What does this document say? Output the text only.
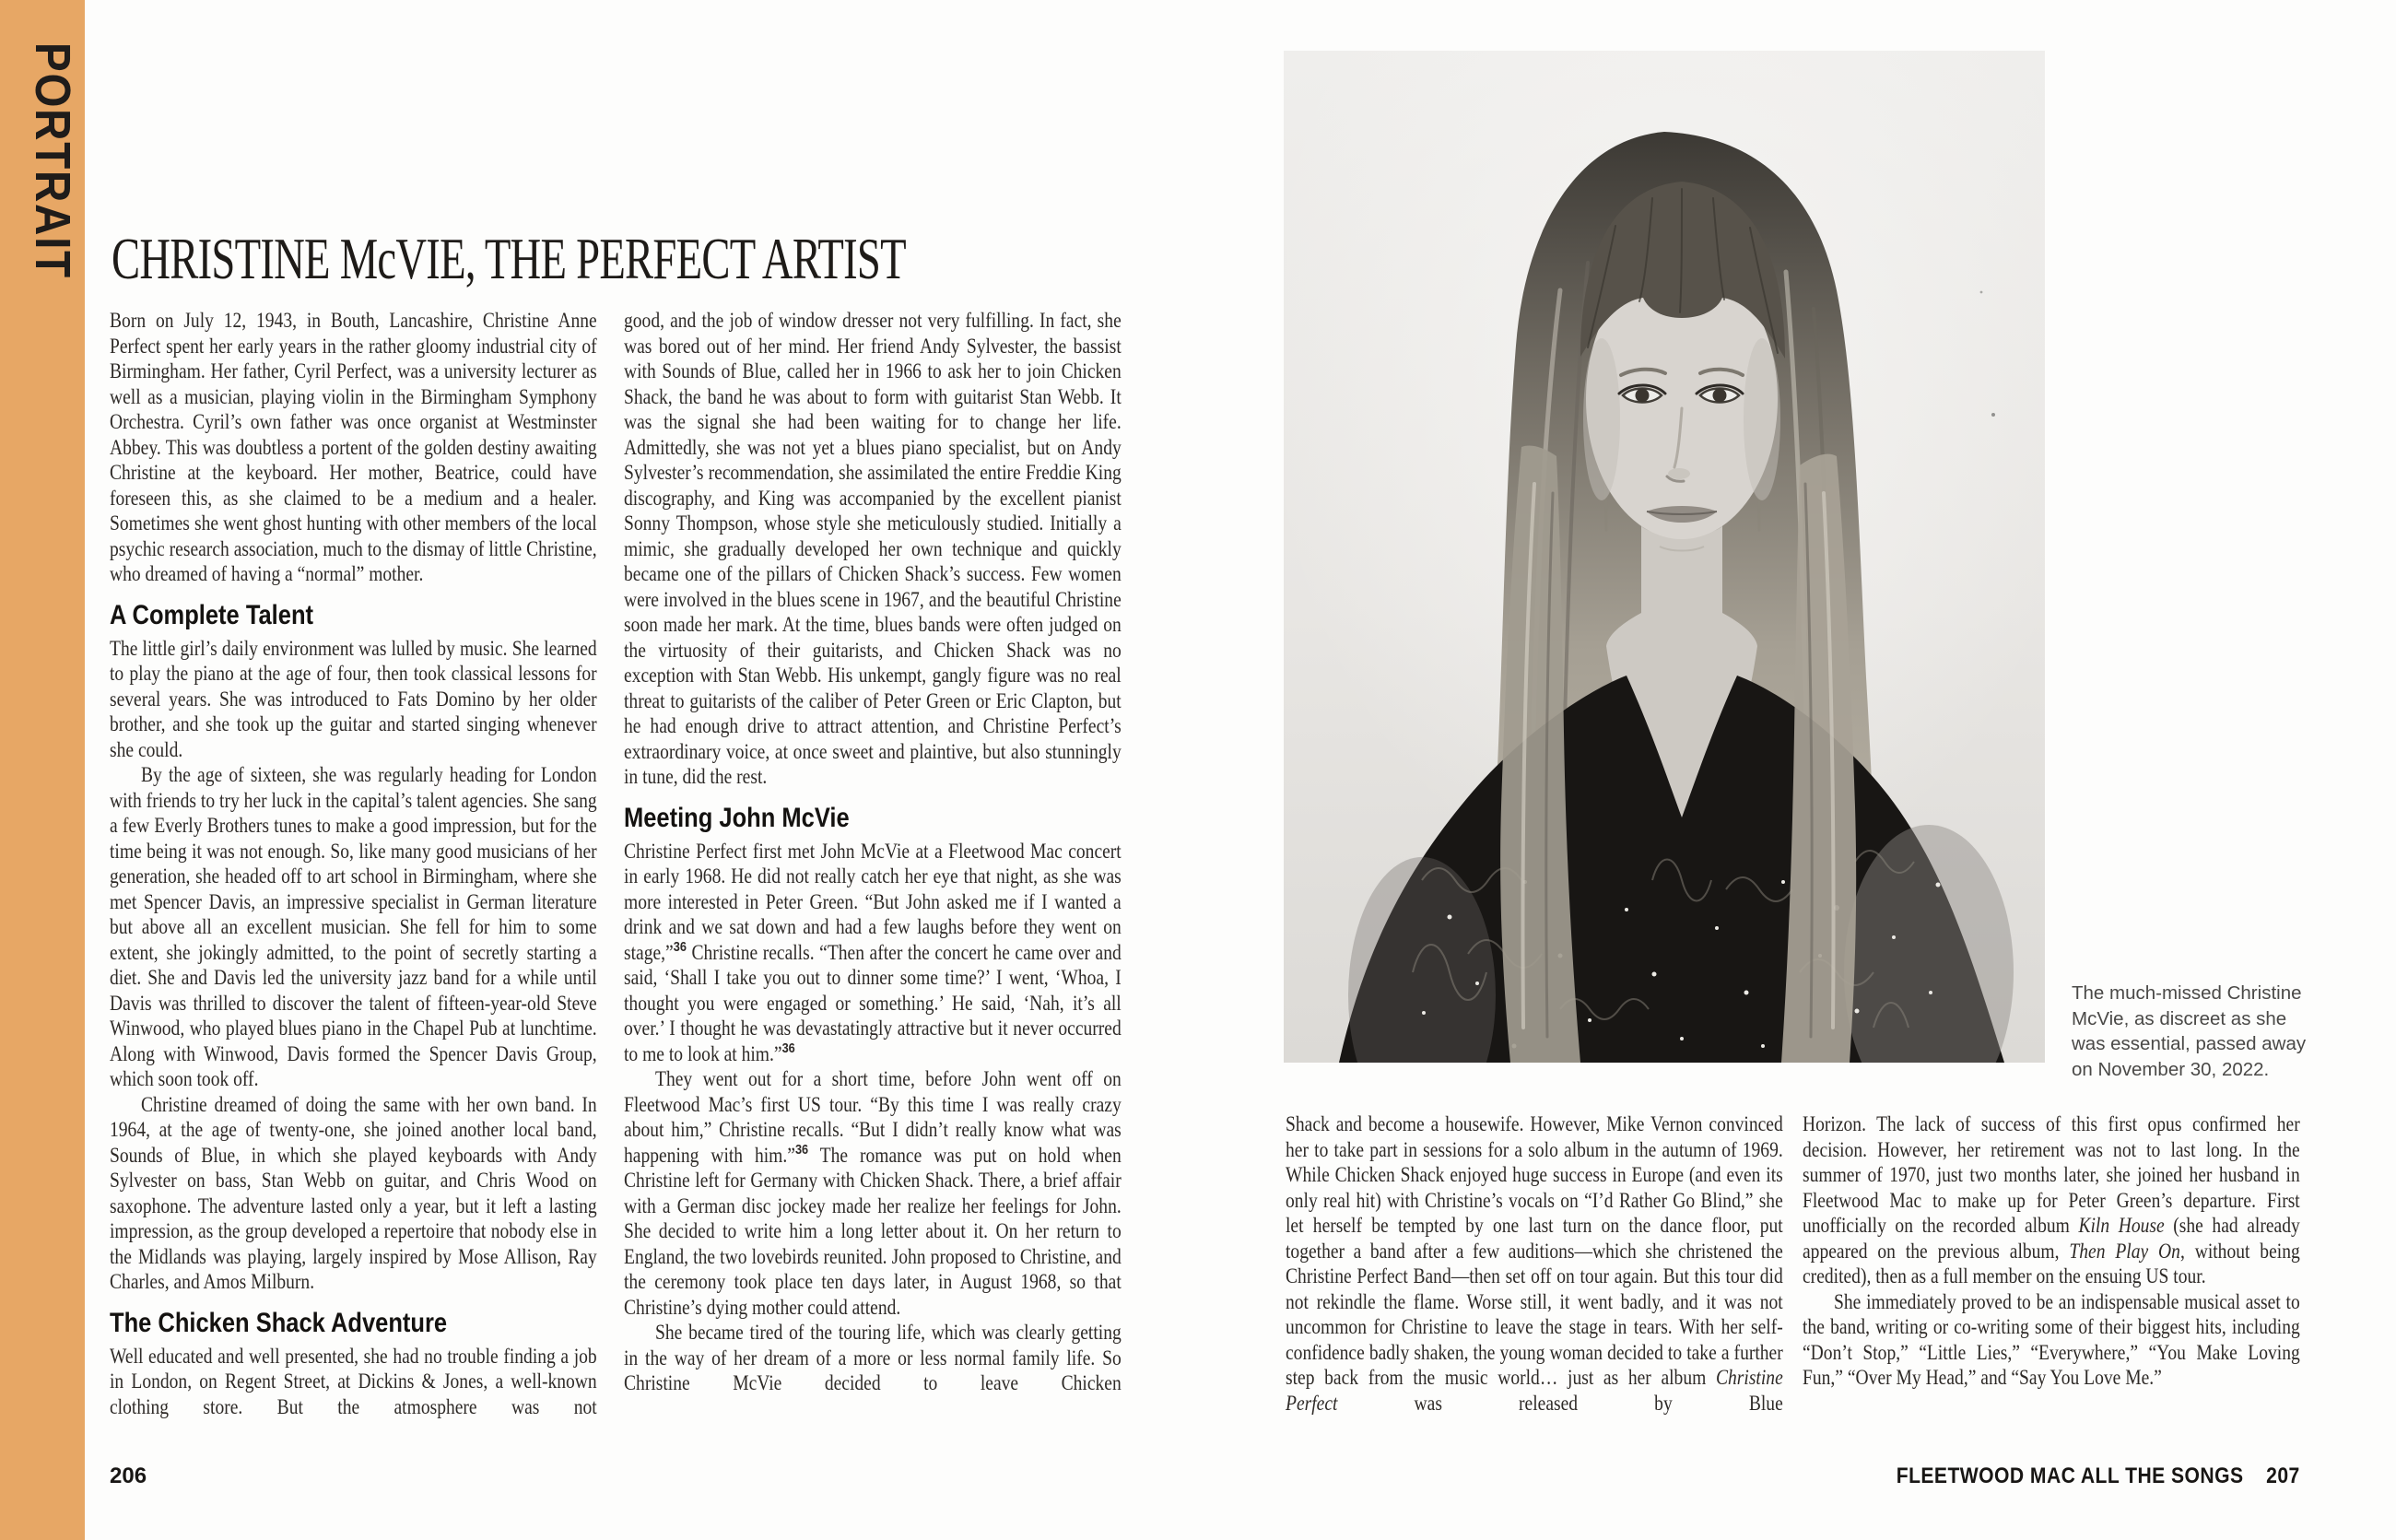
PORTRAIT CHRISTINE McVIE, THE PERFECT ARTIST

Born on July 12, 1943, in Bouth, Lancashire, Christine Anne Perfect spent her early years in the rather gloomy industrial city of Birmingham. Her father, Cyril Perfect, was a university lecturer as well as a musician, playing violin in the Birmingham Symphony Orchestra. Cyril’s own father was once organist at Westminster Abbey. This was doubtless a portent of the golden destiny awaiting Christine at the keyboard. Her mother, Beatrice, could have foreseen this, as she claimed to be a medium and a healer. Sometimes she went ghost hunting with other members of the local psychic research association, much to the dismay of little Christine, who dreamed of having a “normal” mother.

A Complete Talent

The little girl’s daily environment was lulled by music. She learned to play the piano at the age of four, then took classical lessons for several years. She was introduced to Fats Domino by her older brother, and she took up the guitar and started singing whenever she could.

By the age of sixteen, she was regularly heading for London with friends to try her luck in the capital’s talent agencies. She sang a few Everly Brothers tunes to make a good impression, but for the time being it was not enough. So, like many good musicians of her generation, she headed off to art school in Birmingham, where she met Spencer Davis, an impressive specialist in German literature but above all an excellent musician. She fell for him to some extent, she jokingly admitted, to the point of secretly starting a diet. She and Davis led the university jazz band for a while until Davis was thrilled to discover the talent of fifteen-year-old Steve Winwood, who played blues piano in the Chapel Pub at lunchtime. Along with Winwood, Davis formed the Spencer Davis Group, which soon took off.

Christine dreamed of doing the same with her own band. In 1964, at the age of twenty-one, she joined another local band, Sounds of Blue, in which she played keyboards with Andy Sylvester on bass, Stan Webb on guitar, and Chris Wood on saxophone. The adventure lasted only a year, but it left a lasting impression, as the group developed a repertoire that nobody else in the Midlands was playing, largely inspired by Mose Allison, Ray Charles, and Amos Milburn.

The Chicken Shack Adventure

Well educated and well presented, she had no trouble finding a job in London, on Regent Street, at Dickins & Jones, a well-known clothing store. But the atmosphere was not

good, and the job of window dresser not very fulfilling. In fact, she was bored out of her mind. Her friend Andy Sylvester, the bassist with Sounds of Blue, called her in 1966 to ask her to join Chicken Shack, the band he was about to form with guitarist Stan Webb. It was the signal she had been waiting for to change her life. Admittedly, she was not yet a blues piano specialist, but on Andy Sylvester’s recommendation, she assimilated the entire Freddie King discography, and King was accompanied by the excellent pianist Sonny Thompson, whose style she meticulously studied. Initially a mimic, she gradually developed her own technique and quickly became one of the pillars of Chicken Shack’s success. Few women were involved in the blues scene in 1967, and the beautiful Christine soon made her mark. At the time, blues bands were often judged on the virtuosity of their guitarists, and Chicken Shack was no exception with Stan Webb. His unkempt, gangly figure was no real threat to guitarists of the caliber of Peter Green or Eric Clapton, but he had enough drive to attract attention, and Christine Perfect’s extraordinary voice, at once sweet and plaintive, but also stunningly in tune, did the rest.

Meeting John McVie

Christine Perfect first met John McVie at a Fleetwood Mac concert in early 1968. He did not really catch her eye that night, as she was more interested in Peter Green. “But John asked me if I wanted a drink and we sat down and had a few laughs before they went on stage,”$^{36}$ Christine recalls. “Then after the concert he came over and said, ‘Shall I take you out to dinner some time?’ I went, ‘Whoa, I thought you were engaged or something.’ He said, ‘Nah, it’s all over.’ I thought he was devastatingly attractive but it never occurred to me to look at him.”$^{36}$

They went out for a short time, before John went off on Fleetwood Mac’s first US tour. “By this time I was really crazy about him,” Christine recalls. “But I didn’t really know what was happening with him.”$^{36}$ The romance was put on hold when Christine left for Germany with Chicken Shack. There, a brief affair with a German disc jockey made her realize her feelings for John. She decided to write him a long letter about it. On her return to England, the two lovebirds reunited. John proposed to Christine, and the ceremony took place ten days later, in August 1968, so that Christine’s dying mother could attend.

She became tired of the touring life, which was clearly getting in the way of her dream of a more or less normal family life. So Christine McVie decided to leave Chicken

206
The much-missed Christine McVie, as discreet as she was essential, passed away on November 30, 2022.

Shack and become a housewife. However, Mike Vernon convinced her to take part in sessions for a solo album in the autumn of 1969. While Chicken Shack enjoyed huge success in Europe (and even its only real hit) with Christine’s vocals on “I’d Rather Go Blind,” she let herself be tempted by one last turn on the dance floor, put together a band after a few auditions—which she christened the Christine Perfect Band—then set off on tour again. But this tour did not rekindle the flame. Worse still, it went badly, and it was not uncommon for Christine to leave the stage in tears. With her self-confidence badly shaken, the young woman decided to take a further step back from the music world… just as her album Christine Perfect was released by Blue

Horizon. The lack of success of this first opus confirmed her decision. However, her retirement was not to last long. In the summer of 1970, just two months later, she joined her husband in Fleetwood Mac to make up for Peter Green’s departure. First unofficially on the recorded album Kiln House (she had already appeared on the previous album, Then Play On, without being credited), then as a full member on the ensuing US tour.

She immediately proved to be an indispensable musical asset to the band, writing or co-writing some of their biggest hits, including “Don’t Stop,” “Little Lies,” “Everywhere,” “You Make Loving Fun,” “Over My Head,” and “Say You Love Me.”

FLEETWOOD MAC ALL THE SONGS 207
